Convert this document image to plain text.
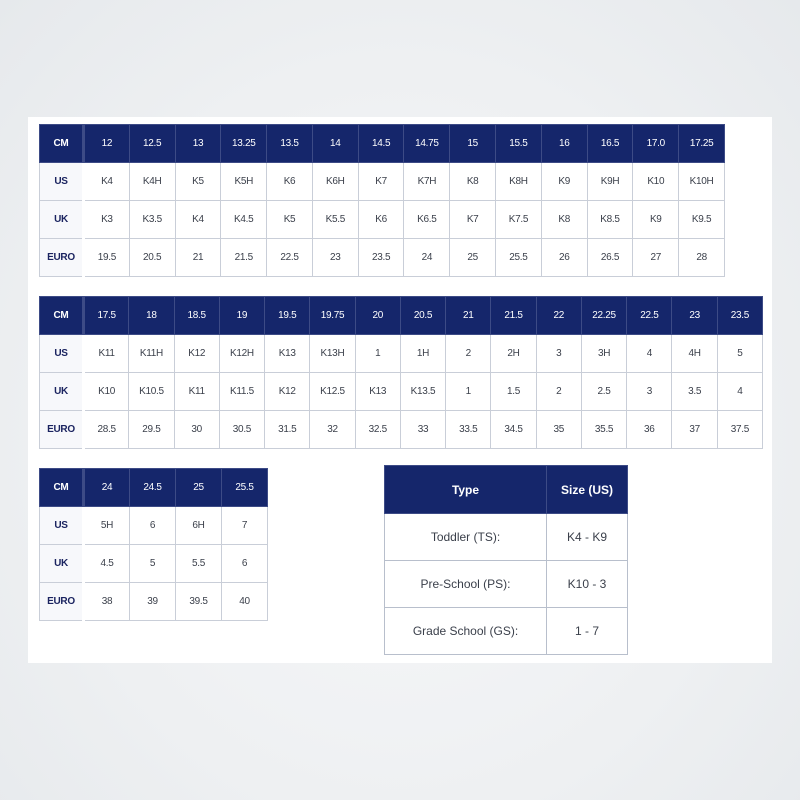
CM	12	12.5	13	13.25	13.5	14	14.5	14.75	15	15.5	16	16.5	17.0	17.25
US	K4	K4H	K5	K5H	K6	K6H	K7	K7H	K8	K8H	K9	K9H	K10	K10H
UK	K3	K3.5	K4	K4.5	K5	K5.5	K6	K6.5	K7	K7.5	K8	K8.5	K9	K9.5
EURO	19.5	20.5	21	21.5	22.5	23	23.5	24	25	25.5	26	26.5	27	28
CM	17.5	18	18.5	19	19.5	19.75	20	20.5	21	21.5	22	22.25	22.5	23	23.5
US	K11	K11H	K12	K12H	K13	K13H	1	1H	2	2H	3	3H	4	4H	5
UK	K10	K10.5	K11	K11.5	K12	K12.5	K13	K13.5	1	1.5	2	2.5	3	3.5	4
EURO	28.5	29.5	30	30.5	31.5	32	32.5	33	33.5	34.5	35	35.5	36	37	37.5
CM	24	24.5	25	25.5
US	5H	6	6H	7
UK	4.5	5	5.5	6
EURO	38	39	39.5	40
Type	Size (US)
Toddler (TS):	K4 - K9
Pre-School (PS):	K10 - 3
Grade School (GS):	1 - 7
